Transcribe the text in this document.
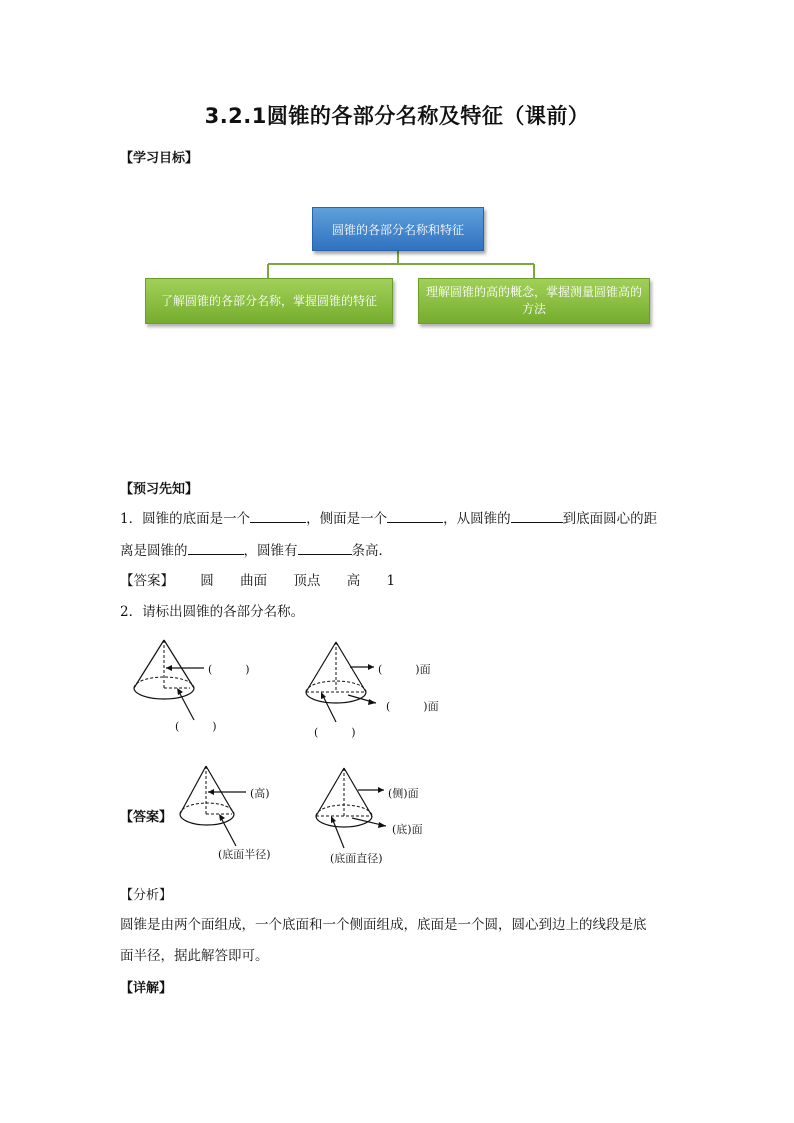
3.2.1圆锥的各部分名称及特征（课前）
【学习目标】
圆锥的各部分名称和特征
了解圆锥的各部分名称，掌握圆锥的特征
理解圆锥的高的概念，掌握测量圆锥高的方法
【预习先知】
1．圆锥的底面是一个	，侧面是一个	，从圆锥的	到底面圆心的距
离是圆锥的	，圆锥有	条高．
【答案】 圆 曲面 顶点 高 1
2．请标出圆锥的各部分名称。
(　　　)
(　　　)
(　　　)面
(　　　)面
(　　　)
【答案】
(高)
(底面半径)
(侧)面
(底)面
(底面直径)
【分析】
圆锥是由两个面组成，一个底面和一个侧面组成，底面是一个圆，圆心到边上的线段是底
面半径，据此解答即可。
【详解】
